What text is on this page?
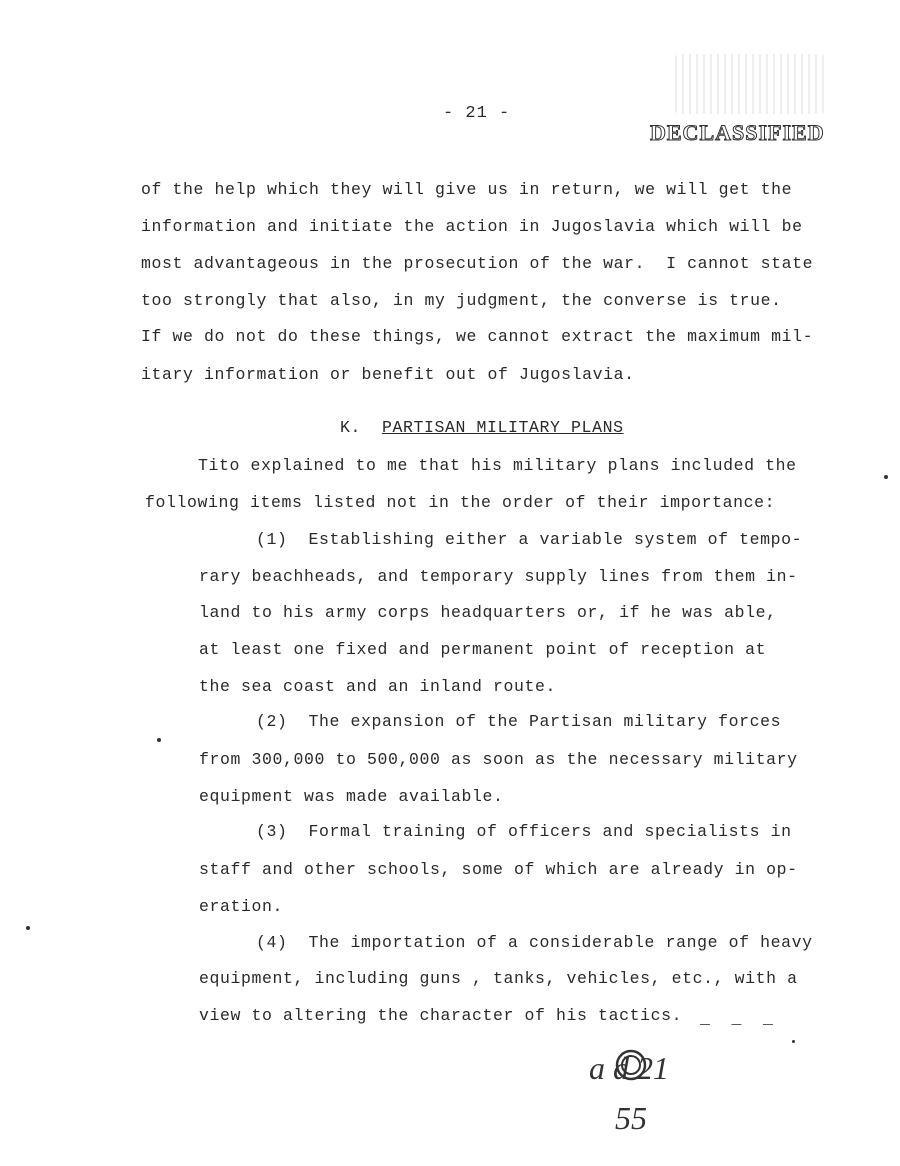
- 21 -
DECLASSIFIED
of the help which they will give us in return, we will get the
information and initiate the action in Jugoslavia which will be
most advantageous in the prosecution of the war.  I cannot state
too strongly that also, in my judgment, the converse is true.
If we do not do these things, we cannot extract the maximum mil-
itary information or benefit out of Jugoslavia.
K. PARTISAN MILITARY PLANS
Tito explained to me that his military plans included the
following items listed not in the order of their importance:
(1)  Establishing either a variable system of tempo-
rary beachheads, and temporary supply lines from them in-
land to his army corps headquarters or, if he was able,
at least one fixed and permanent point of reception at
the sea coast and an inland route.
(2)  The expansion of the Partisan military forces
from 300,000 to 500,000 as soon as the necessary military
equipment was made available.
(3)  Formal training of officers and specialists in
staff and other schools, some of which are already in op-
eration.
(4)  The importation of a considerable range of heavy
equipment, including guns , tanks, vehicles, etc., with a
view to altering the character of his tactics. _  _  _
a d 21
55
